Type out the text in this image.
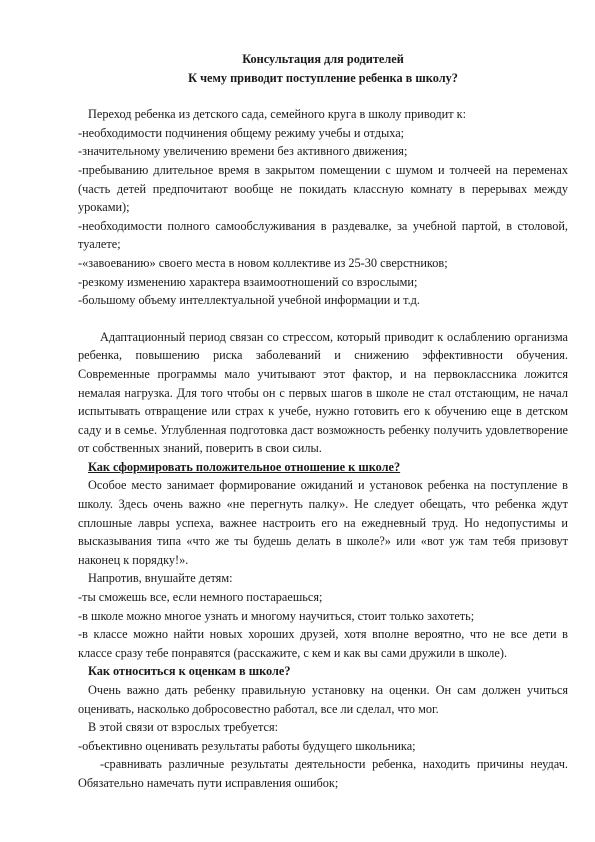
Консультация для родителей

К чему приводит поступление ребенка в школу?

Переход ребенка из детского сада, семейного круга в школу приводит к:

-необходимости подчинения общему режиму учебы и отдыха;
-значительному увеличению времени без активного движения;
-пребыванию длительное время в закрытом помещении с шумом и толчеей на переменах (часть детей предпочитают вообще не покидать классную комнату в перерывах между уроками);
-необходимости полного самообслуживания в раздевалке, за учебной партой, в столовой, туалете;
-«завоеванию» своего места в новом коллективе из 25-30 сверстников;
-резкому изменению характера взаимоотношений со взрослыми;
-большому объему интеллектуальной учебной информации и т.д.

Адаптационный период связан со стрессом, который приводит к ослаблению организма ребенка, повышению риска заболеваний и снижению эффективности обучения. Современные программы мало учитывают этот фактор, и на первоклассника ложится немалая нагрузка. Для того чтобы он с первых шагов в школе не стал отстающим, не начал испытывать отвращение или страх к учебе, нужно готовить его к обучению еще в детском саду и в семье. Углубленная подготовка даст возможность ребенку получить удовлетворение от собственных знаний, поверить в свои силы.

Как сформировать положительное отношение к школе?

Особое место занимает формирование ожиданий и установок ребенка на поступление в школу. Здесь очень важно «не перегнуть палку». Не следует обещать, что ребенка ждут сплошные лавры успеха, важнее настроить его на ежедневный труд. Но недопустимы и высказывания типа «что же ты будешь делать в школе?» или «вот уж там тебя призовут наконец к порядку!».

Напротив, внушайте детям:

-ты сможешь все, если немного постараешься;
-в школе можно многое узнать и многому научиться, стоит только захотеть;
-в классе можно найти новых хороших друзей, хотя вполне вероятно, что не все дети в классе сразу тебе понравятся (расскажите, с кем и как вы сами дружили в школе).

Как относиться к оценкам в школе?

Очень важно дать ребенку правильную установку на оценки. Он сам должен учиться оценивать, насколько добросовестно работал, все ли сделал, что мог.

В этой связи от взрослых требуется:

-объективно оценивать результаты работы будущего школьника;
-сравнивать различные результаты деятельности ребенка, находить причины неудач. Обязательно намечать пути исправления ошибок;
